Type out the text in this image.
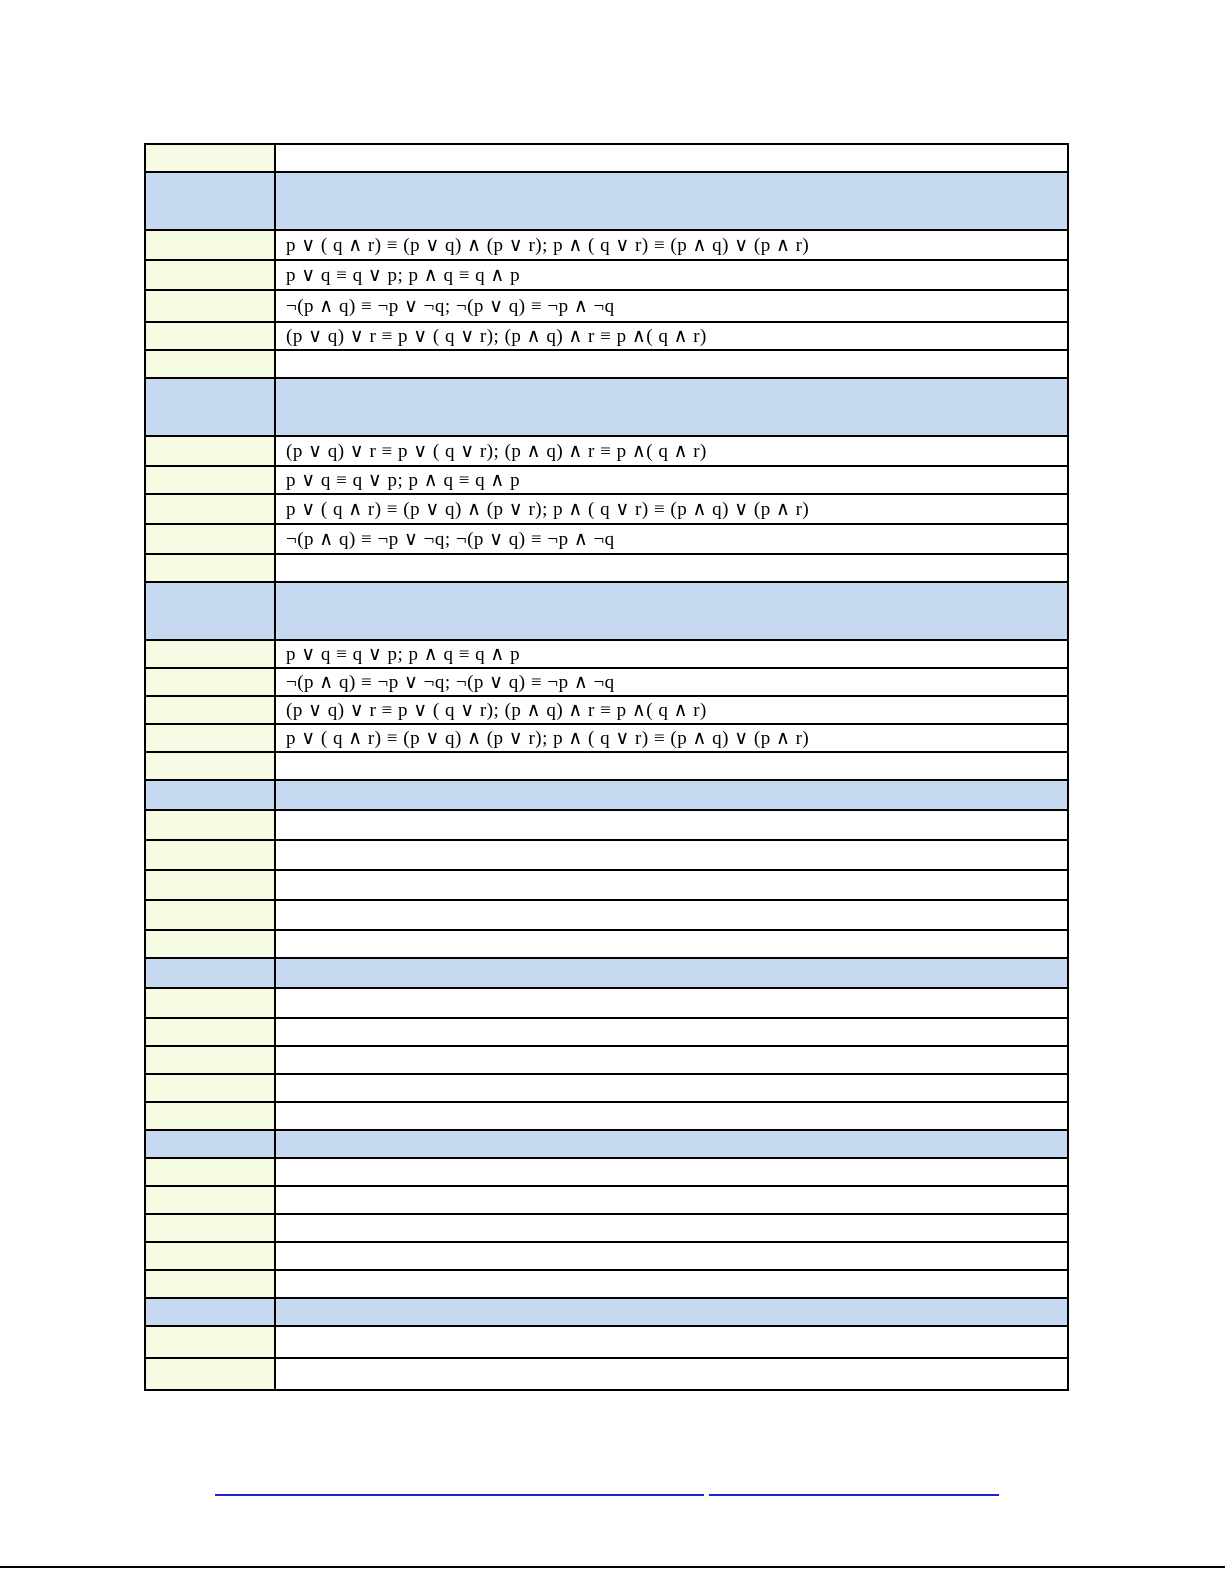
	p ∨ ( q ∧ r) ≡ (p ∨ q) ∧ (p ∨ r); p ∧ ( q ∨ r) ≡ (p ∧ q) ∨ (p ∧ r)
	p ∨ q ≡ q ∨ p; p ∧ q ≡ q ∧ p
	¬(p ∧ q) ≡ ¬p ∨ ¬q; ¬(p ∨ q) ≡ ¬p ∧ ¬q
	(p ∨ q) ∨ r ≡ p ∨ ( q ∨ r); (p ∧ q) ∧ r ≡ p ∧( q ∧ r)

	(p ∨ q) ∨ r ≡ p ∨ ( q ∨ r); (p ∧ q) ∧ r ≡ p ∧( q ∧ r)
	p ∨ q ≡ q ∨ p; p ∧ q ≡ q ∧ p
	p ∨ ( q ∧ r) ≡ (p ∨ q) ∧ (p ∨ r); p ∧ ( q ∨ r) ≡ (p ∧ q) ∨ (p ∧ r)
	¬(p ∧ q) ≡ ¬p ∨ ¬q; ¬(p ∨ q) ≡ ¬p ∧ ¬q

	p ∨ q ≡ q ∨ p; p ∧ q ≡ q ∧ p
	¬(p ∧ q) ≡ ¬p ∨ ¬q; ¬(p ∨ q) ≡ ¬p ∧ ¬q
	(p ∨ q) ∨ r ≡ p ∨ ( q ∨ r); (p ∧ q) ∧ r ≡ p ∧( q ∧ r)
	p ∨ ( q ∧ r) ≡ (p ∨ q) ∧ (p ∨ r); p ∧ ( q ∨ r) ≡ (p ∧ q) ∨ (p ∧ r)
